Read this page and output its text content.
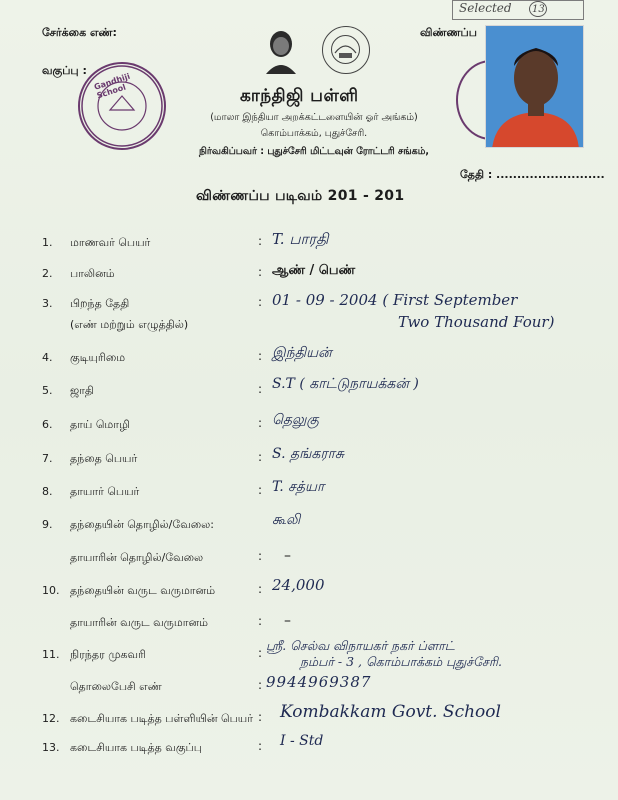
சேர்க்கை எண்:	விண்ணப்ப
வகுப்பு :
Selected 13
Gandhiji School	காந்திஜி பள்ளி
(மாலா இந்தியா அறக்கட்டளையின் ஓர் அங்கம்)
கொம்பாக்கம், புதுச்சேரி.
நிர்வகிப்பவர் : புதுச்சேரி மிட்டவுன் ரோட்டரி சங்கம்,
தேதி : ..........................
விண்ணப்ப படிவம் 201 - 201
1.	மாணவர் பெயர்	: T. பாரதி
2.	பாலினம்	: ஆண் / பெண்
3.	பிறந்த தேதி
(எண் மற்றும் எழுத்தில்)
: 01 - 09 - 2004 ( First September
Two Thousand Four)
4.	குடியுரிமை	: இந்தியன்
5.	ஜாதி	: S.T ( காட்டுநாயக்கன் )
6.	தாய் மொழி	: தெலுகு
7.	தந்தை பெயர்	: S. தங்கராசு
8.	தாயார் பெயர்	: T. சத்யா
9.	தந்தையின் தொழில்/வேலை:	கூலி
தாயாரின் தொழில்/வேலை	: –
10. தந்தையின் வருட வருமானம்	: 24,000
தாயாரின் வருட வருமானம்	: –
11. நிரந்தர முகவரி	: ஸ்ரீ. செல்வ விநாயகர் நகர் ப்ளாட்
நம்பர் - 3 , கொம்பாக்கம் புதுச்சேரி.
தொலைபேசி எண்	: 9944969387
12. கடைசியாக படித்த பள்ளியின் பெயர் : Kombakkam Govt. School
13. கடைசியாக படித்த வகுப்பு	: I - Std
